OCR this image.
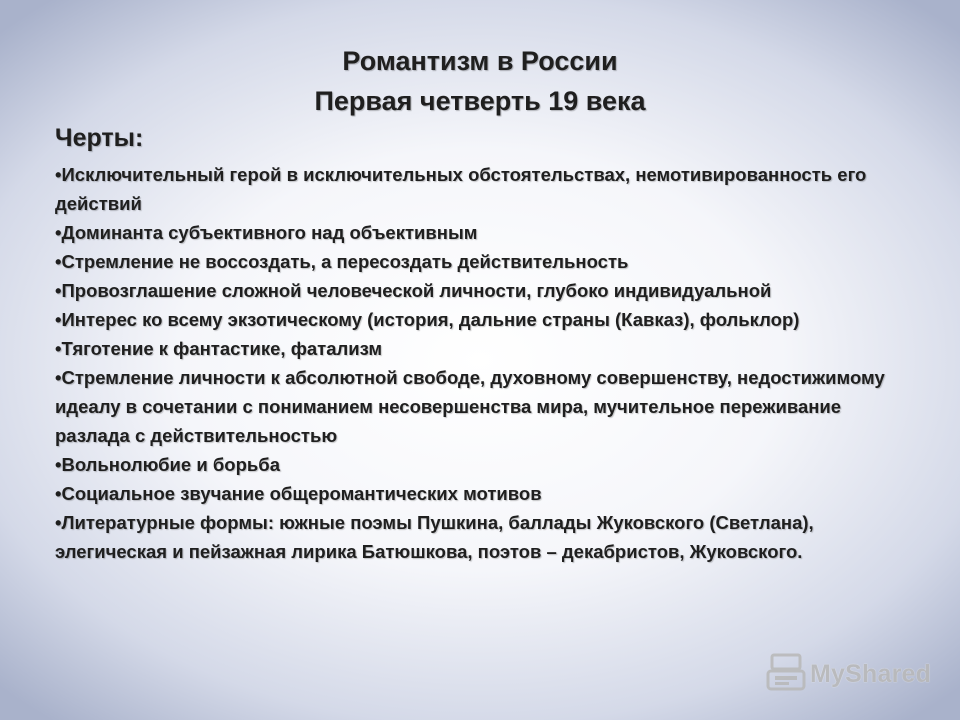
Романтизм в России
Первая четверть 19 века
Черты:
• Исключительный герой в исключительных обстоятельствах, немотивированность его действий
• Доминанта субъективного над объективным
• Стремление не воссоздать, а пересоздать действительность
• Провозглашение сложной человеческой личности, глубоко индивидуальной
• Интерес ко всему экзотическому (история, дальние страны (Кавказ), фольклор)
• Тяготение к фантастике, фатализм
• Стремление личности к абсолютной свободе, духовному совершенству, недостижимому идеалу в сочетании с пониманием несовершенства мира, мучительное переживание разлада с действительностью
• Вольнолюбие и борьба
• Социальное звучание общеромантических мотивов
• Литературные формы: южные поэмы Пушкина, баллады Жуковского (Светлана), элегическая и пейзажная лирика Батюшкова, поэтов – декабристов, Жуковского.
MyShared
